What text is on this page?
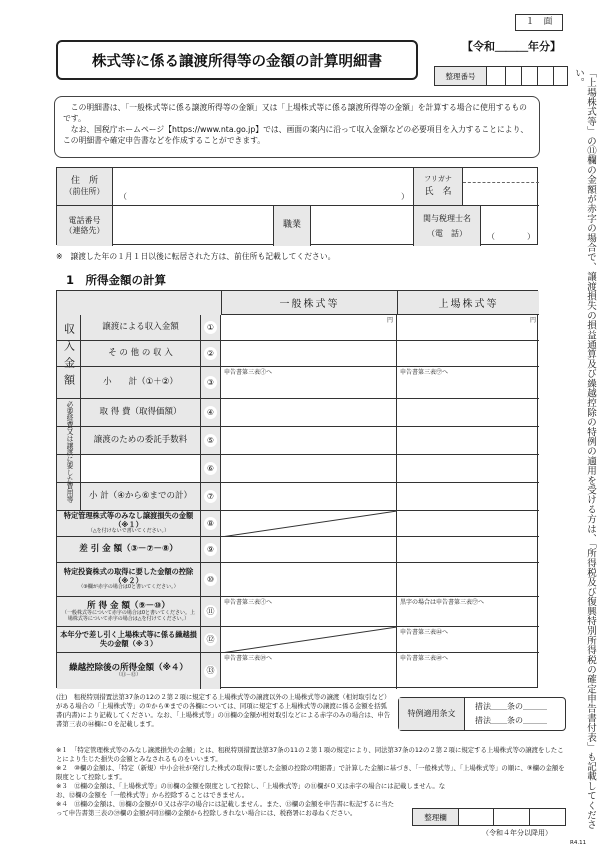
１　面
株式等に係る譲渡所得等の金額の計算明細書
【令和＿＿＿年分】
整理番号

この明細書は、「一般株式等に係る譲渡所得等の金額」又は「上場株式等に係る譲渡所得等の金額」を計算する場合に使用するものです。

なお、国税庁ホームページ【https://www.nta.go.jp】では、画面の案内に沿って収入金額などの必要項目を入力することにより、この明細書や確定申告書などを作成することができます。

住　所
（前住所）
（	）
フリガナ
氏　名
電話番号
（連絡先）
職業
関与税理士名
（電　話）	（	）
※　譲渡した年の１月１日以後に転居された方は、前住所も記載してください。
1　所得金額の計算
一般株式等	上場株式等
収入金額
必要経費又は譲渡に要した費用等
譲渡による収入金額	①
円	円
そ の 他 の 収 入	②
小　　計（①＋②）	③
申告書第三表㋑へ	申告書第三表㋒へ
取 得 費（取得価額）	④
譲渡のための委託手数料	⑤
⑥
小 計（④から⑥までの計）	⑦
特定管理株式等のみなし譲渡損失の金額（※１）
（△を付けないで書いてください。）
⑧
差 引 金 額（③－⑦－⑧）	⑨
特定投資株式の取得に要した金額の控除（※２）
（⑨欄が赤字の場合は0と書いてください。）
⑩
所 得 金 額（⑨－⑩）
（一般株式等について赤字の場合は0と書いてください。上場株式等について赤字の場合は△を付けてください。）
⑪
申告書第三表㋑へ	黒字の場合は申告書第三表㋒へ
本年分で差し引く上場株式等に係る繰越損失の金額（※３）	⑫
申告書第三表㊹へ
繰越控除後の所得金額（※４）
（⑪－⑫）
⑬
申告書第三表㊴へ	申告書第三表㊵へ

(注)　租税特別措置法第37条の12の２第２項に規定する上場株式等の譲渡以外の上場株式等の譲渡（相対取引など）がある場合の「上場株式等」の①から⑧までの各欄については、同項に規定する上場株式等の譲渡に係る金額を括弧書(内書)により記載してください。なお、「上場株式等」の⑪欄の金額が相対取引などによる赤字のみの場合は、申告書第三表の㊹欄に０を記載します。

※１　「特定管理株式等のみなし譲渡損失の金額」とは、租税特別措置法第37条の11の２第１項の規定により、同法第37条の12の２第２項に規定する上場株式等の譲渡をしたことにより生じた損失の金額とみなされるものをいいます。

※２　⑩欄の金額は、「特定（新規）中小会社が発行した株式の取得に要した金額の控除の明細書」で計算した金額に基づき、「一般株式等」、「上場株式等」の順に、⑨欄の金額を限度として控除します。

※３　⑫欄の金額は、「上場株式等」の⑪欄の金額を限度として控除し、「上場株式等」の⑪欄が０又は赤字の場合には記載しません。なお、⑫欄の金額を「一般株式等」から控除することはできません。

※４　⑬欄の金額は、⑪欄の金額が０又は赤字の場合には記載しません。また、⑬欄の金額を申告書に転記するに当たって申告書第三表の㊴欄の金額が同⑬欄の金額から控除しきれない場合には、税務署にお尋ねください。

特例適用条文
措法＿＿条の＿＿＿
措法＿＿条の＿＿＿
整理欄
（令和４年分以降用）
R4.11
「上場株式等」の⑪欄の金額が赤字の場合で、譲渡損失の損益通算及び繰越控除の特例の適用を受ける方は、「所得税及び復興特別所得税の確定申告書付表」も記載してください。
